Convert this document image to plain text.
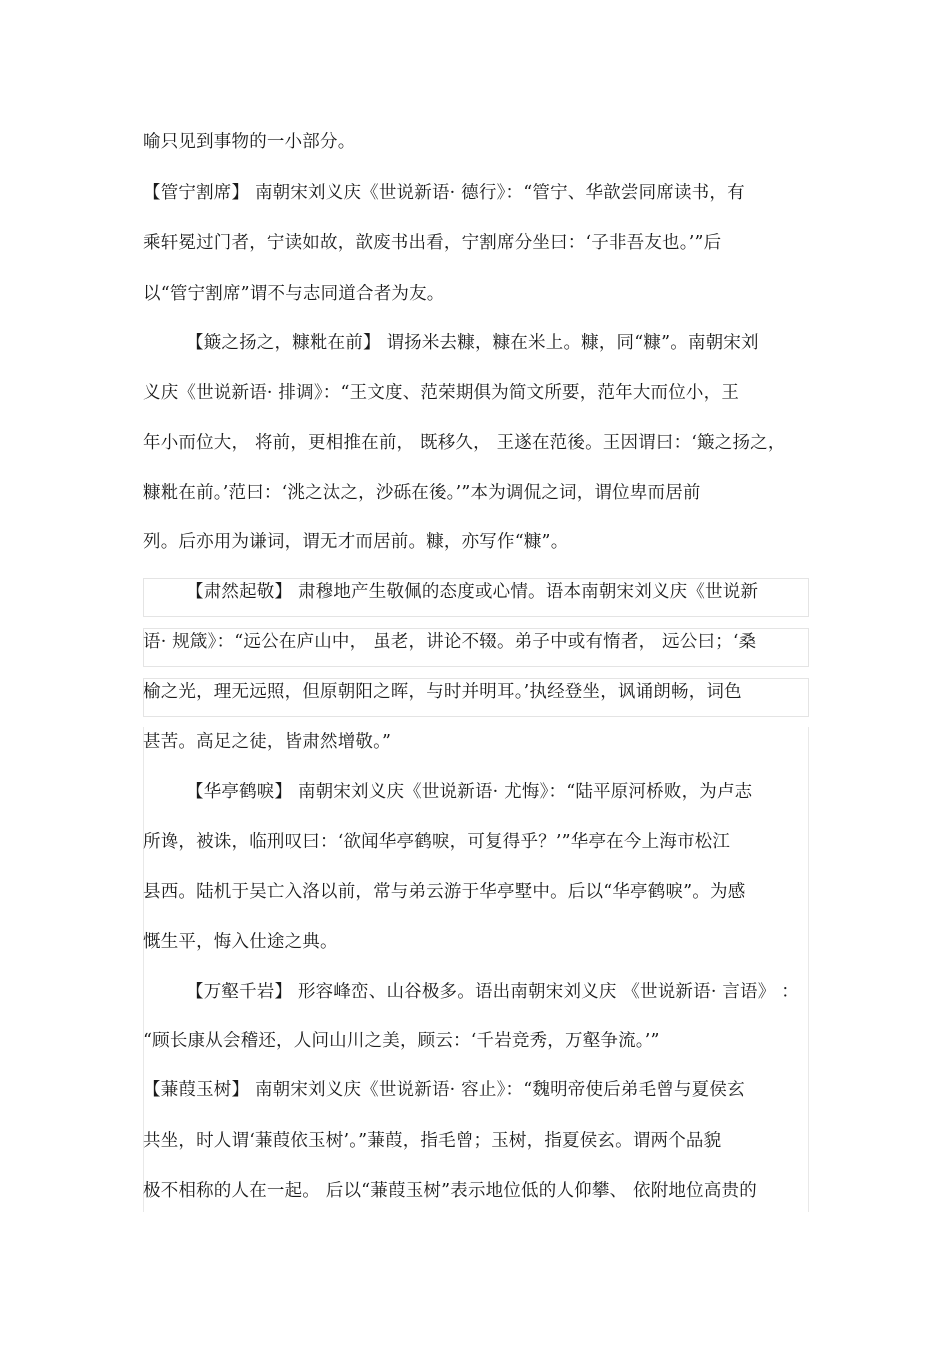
喻只见到事物的一小部分。
【管宁割席】 南朝宋刘义庆《世说新语· 德行》：“管宁、华歆尝同席读书，有
乘轩冕过门者，宁读如故，歆废书出看，宁割席分坐曰：‘子非吾友也。’”后
以“管宁割席”谓不与志同道合者为友。
【簸之扬之，糠粃在前】 谓扬米去糠，糠在米上。糠，同“糠”。南朝宋刘
义庆《世说新语· 排调》：“王文度、范荣期俱为简文所要，范年大而位小，王
年小而位大， 将前，更相推在前， 既移久， 王遂在范後。王因谓曰：‘簸之扬之，
糠粃在前。’范曰：‘洮之汰之，沙砾在後。’”本为调侃之词，谓位卑而居前
列。后亦用为谦词，谓无才而居前。糠，亦写作“糠”。
【肃然起敬】 肃穆地产生敬佩的态度或心情。语本南朝宋刘义庆《世说新
语· 规箴》：“远公在庐山中， 虽老，讲论不辍。弟子中或有惰者， 远公曰；‘桑
榆之光，理无远照，但原朝阳之晖，与时并明耳。’执经登坐，讽诵朗畅，词色
甚苦。高足之徒，皆肃然增敬。”
【华亭鹤唳】 南朝宋刘义庆《世说新语· 尤悔》：“陆平原河桥败，为卢志
所谗，被诛，临刑叹曰：‘欲闻华亭鹤唳，可复得乎？’”华亭在今上海市松江
县西。陆机于吴亡入洛以前，常与弟云游于华亭墅中。后以“华亭鹤唳”。为感
慨生平，悔入仕途之典。
【万壑千岩】 形容峰峦、山谷极多。语出南朝宋刘义庆 《世说新语· 言语》 ：
“顾长康从会稽还，人问山川之美，顾云：‘千岩竞秀，万壑争流。’”
【蒹葭玉树】 南朝宋刘义庆《世说新语· 容止》：“魏明帝使后弟毛曾与夏侯玄
共坐，时人谓‘蒹葭依玉树’。”蒹葭，指毛曾；玉树，指夏侯玄。谓两个品貌
极不相称的人在一起。 后以“蒹葭玉树”表示地位低的人仰攀、 依附地位高贵的
